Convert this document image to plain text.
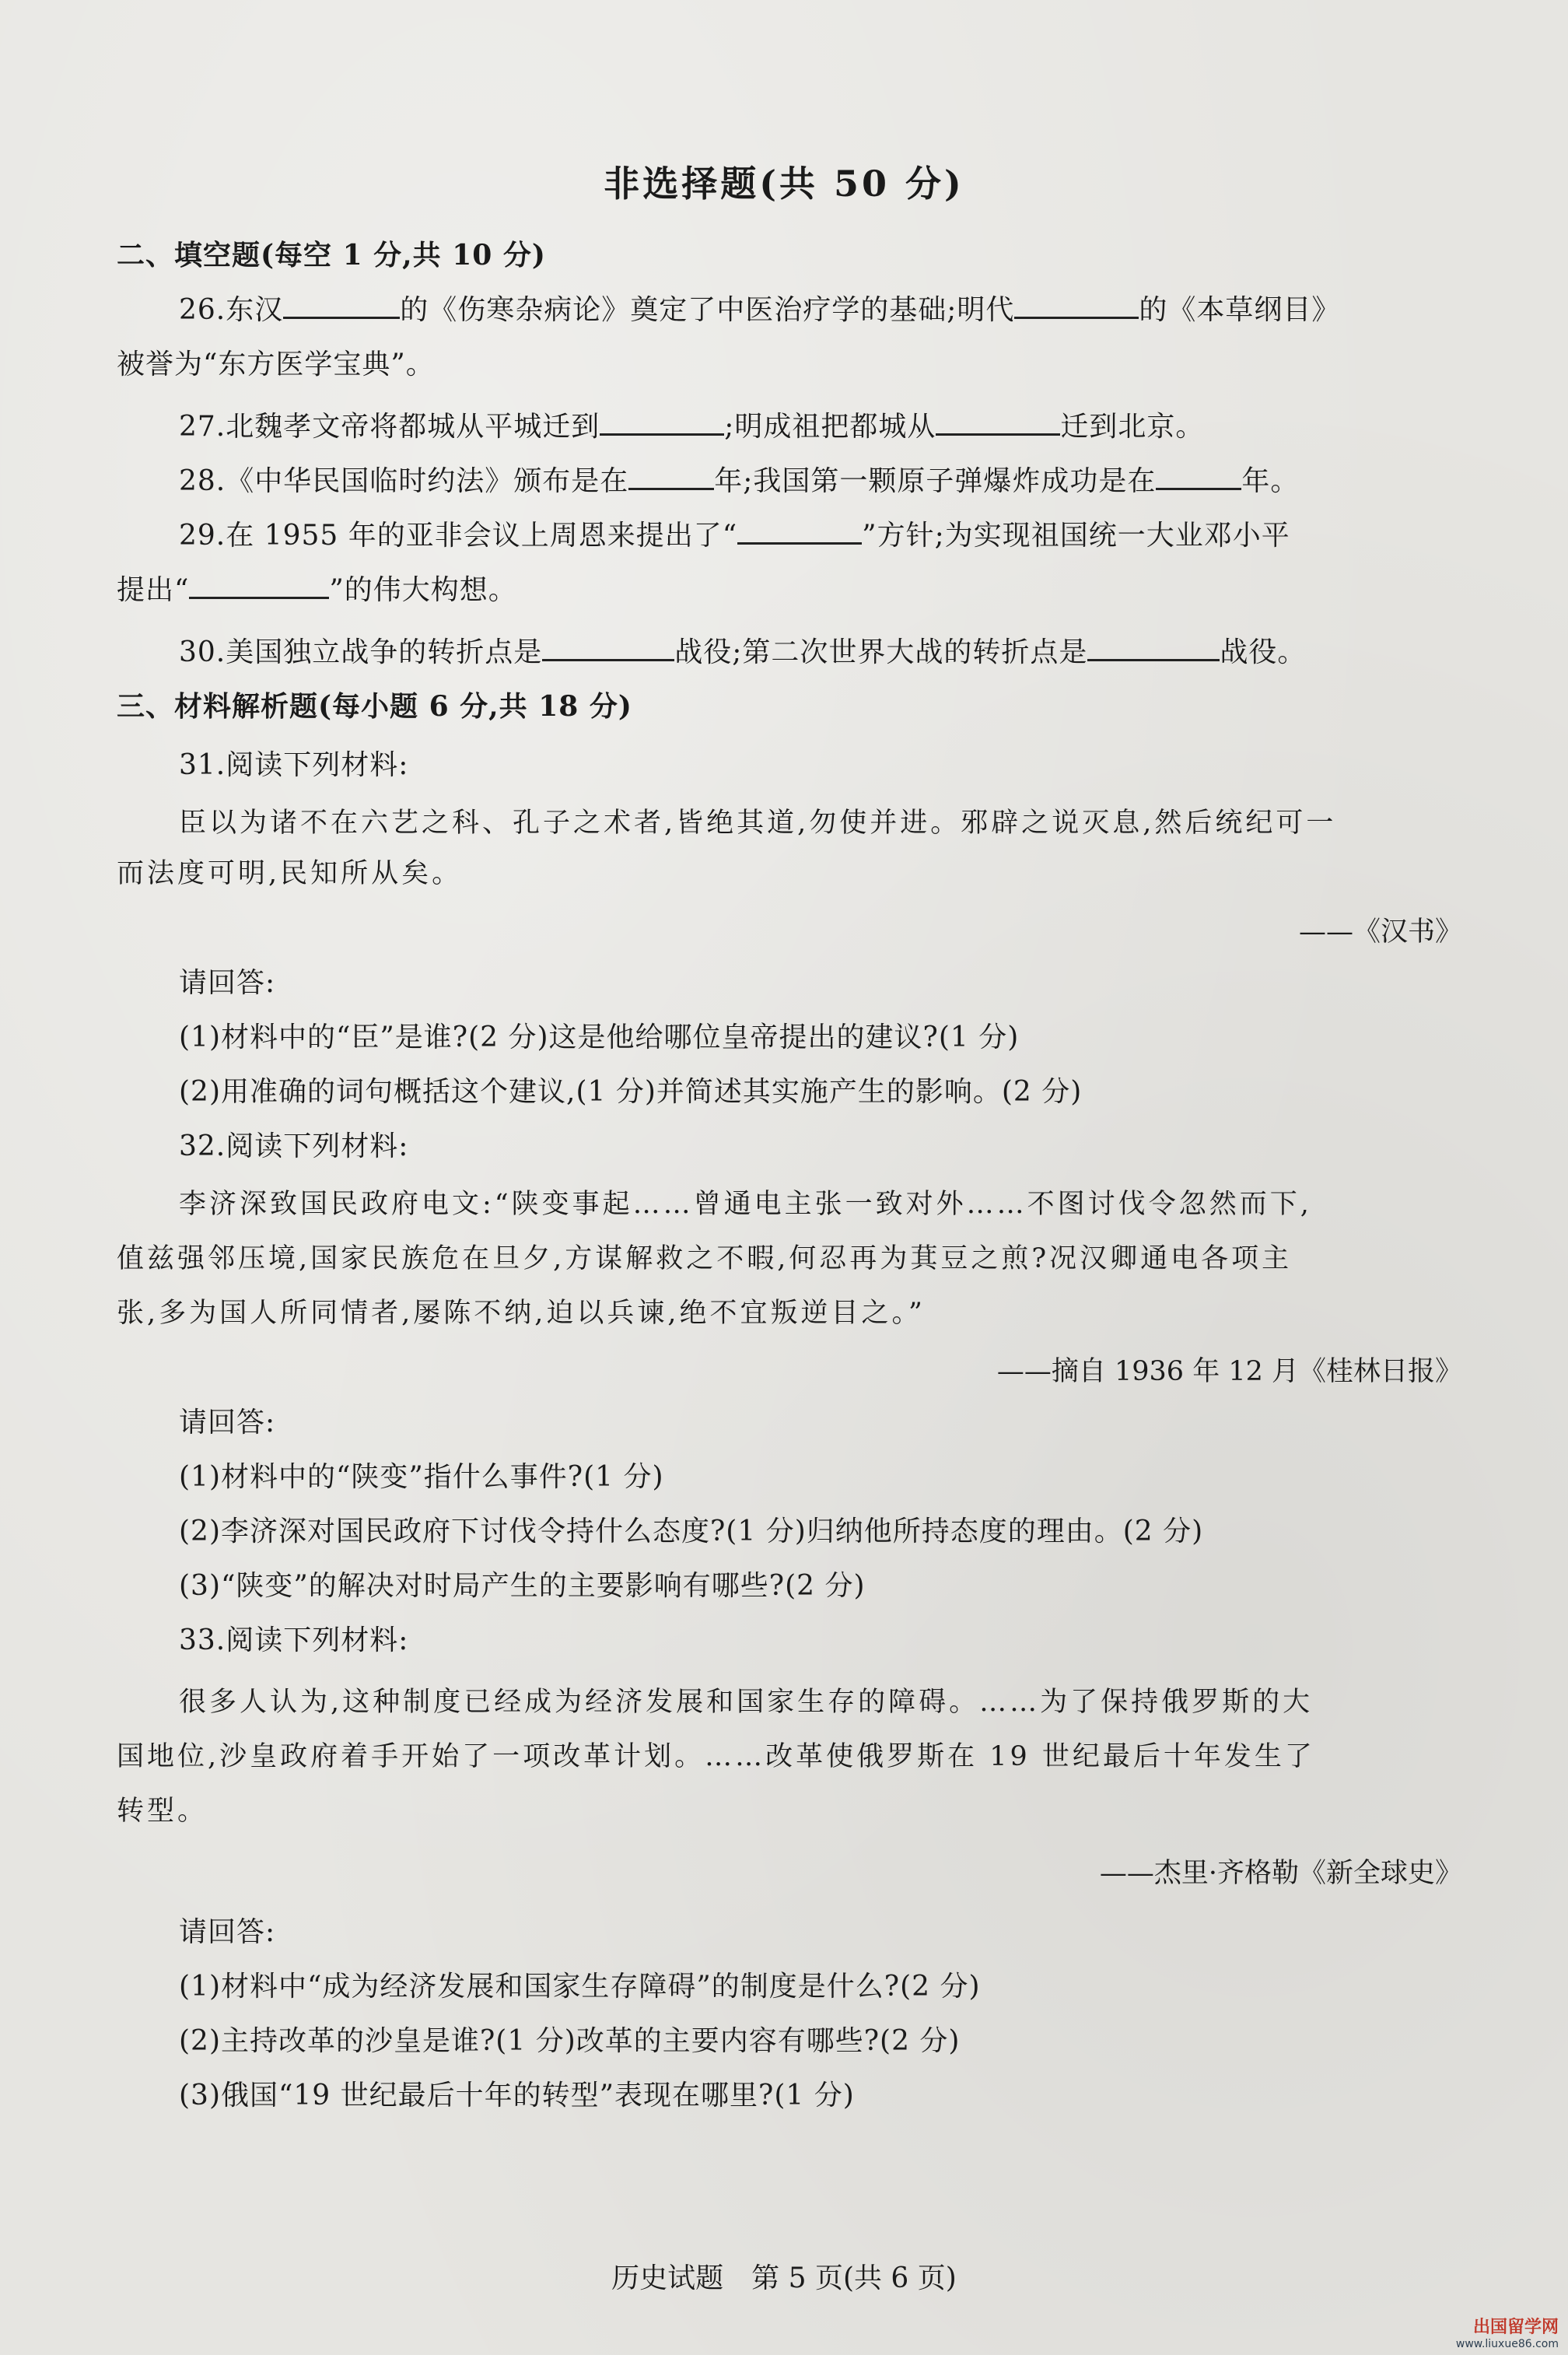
非选择题(共 50 分)
二、填空题(每空 1 分,共 10 分)
26.东汉	的《伤寒杂病论》奠定了中医治疗学的基础;明代	的《本草纲目》
被誉为“东方医学宝典”。
27.北魏孝文帝将都城从平城迁到	;明成祖把都城从	迁到北京。
28.《中华民国临时约法》颁布是在	年;我国第一颗原子弹爆炸成功是在	年。
29.在 1955 年的亚非会议上周恩来提出了“	”方针;为实现祖国统一大业邓小平
提出“	”的伟大构想。
30.美国独立战争的转折点是	战役;第二次世界大战的转折点是	战役。
三、材料解析题(每小题 6 分,共 18 分)
31.阅读下列材料:
臣以为诸不在六艺之科、孔子之术者,皆绝其道,勿使并进。邪辟之说灭息,然后统纪可一
而法度可明,民知所从矣。
——《汉书》
请回答:
(1)材料中的“臣”是谁?(2 分)这是他给哪位皇帝提出的建议?(1 分)
(2)用准确的词句概括这个建议,(1 分)并简述其实施产生的影响。(2 分)
32.阅读下列材料:
李济深致国民政府电文:“陕变事起……曾通电主张一致对外……不图讨伐令忽然而下,
值兹强邻压境,国家民族危在旦夕,方谋解救之不暇,何忍再为萁豆之煎?况汉卿通电各项主
张,多为国人所同情者,屡陈不纳,迫以兵谏,绝不宜叛逆目之。”
——摘自 1936 年 12 月《桂林日报》
请回答:
(1)材料中的“陕变”指什么事件?(1 分)
(2)李济深对国民政府下讨伐令持什么态度?(1 分)归纳他所持态度的理由。(2 分)
(3)“陕变”的解决对时局产生的主要影响有哪些?(2 分)
33.阅读下列材料:
很多人认为,这种制度已经成为经济发展和国家生存的障碍。……为了保持俄罗斯的大
国地位,沙皇政府着手开始了一项改革计划。……改革使俄罗斯在 19 世纪最后十年发生了
转型。
——杰里·齐格勒《新全球史》
请回答:
(1)材料中“成为经济发展和国家生存障碍”的制度是什么?(2 分)
(2)主持改革的沙皇是谁?(1 分)改革的主要内容有哪些?(2 分)
(3)俄国“19 世纪最后十年的转型”表现在哪里?(1 分)
历史试题　第 5 页(共 6 页)
出国留学网
www.liuxue86.com
